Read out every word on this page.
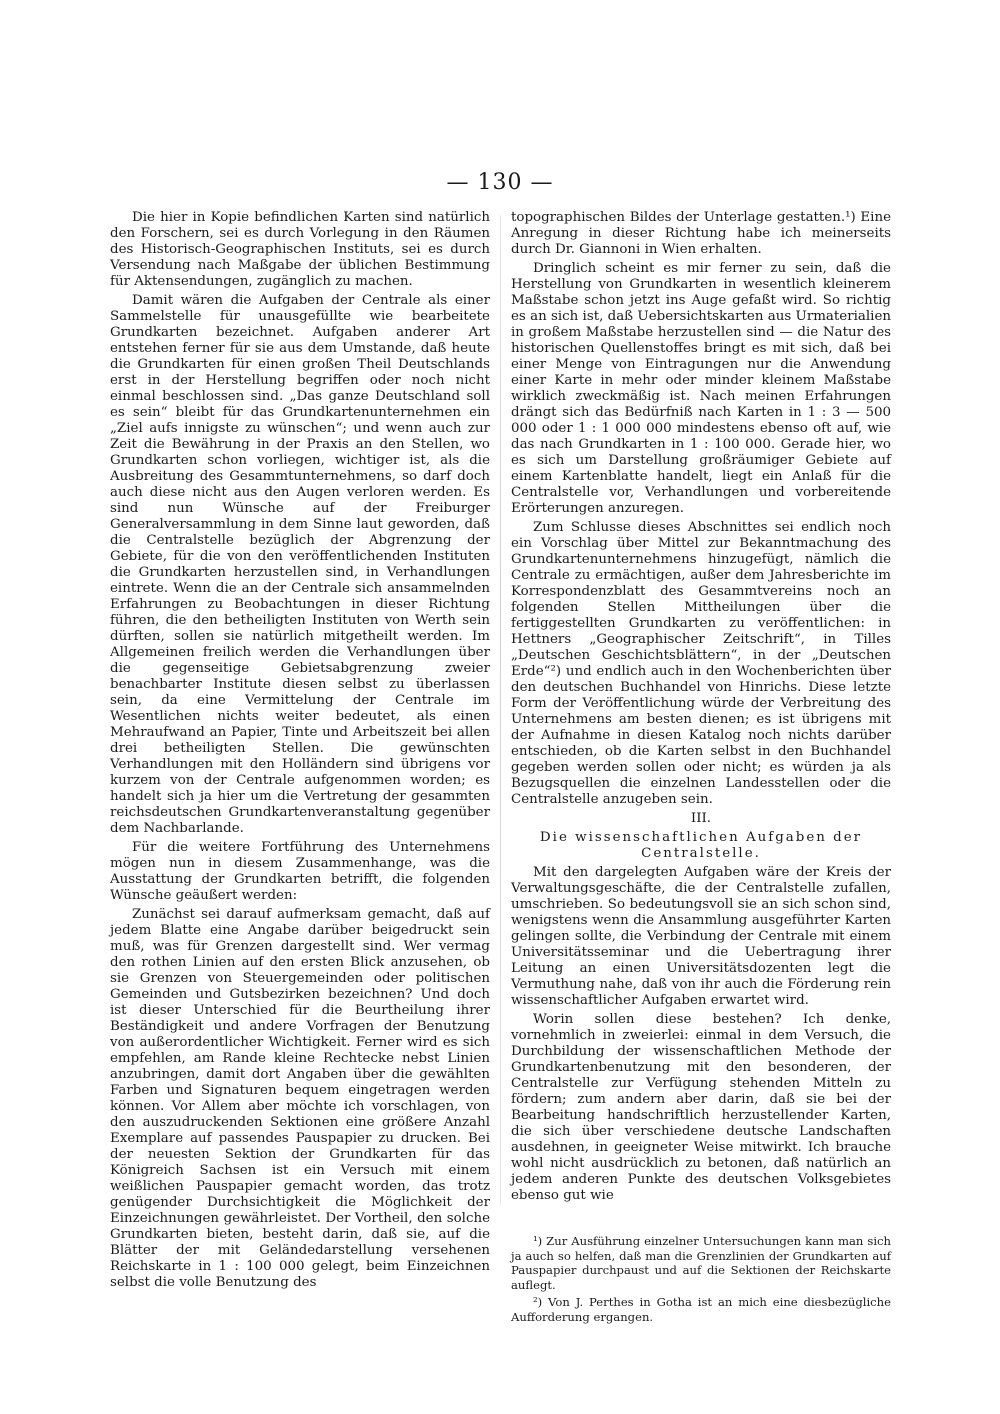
— 130 —

Die hier in Kopie befindlichen Karten sind natürlich den Forschern, sei es durch Vorlegung in den Räumen des Historisch-Geographischen Instituts, sei es durch Versendung nach Maßgabe der üblichen Bestimmung für Aktensendungen, zugänglich zu machen.

Damit wären die Aufgaben der Centrale als einer Sammelstelle für unausgefüllte wie bearbeitete Grundkarten bezeichnet. Aufgaben anderer Art entstehen ferner für sie aus dem Umstande, daß heute die Grundkarten für einen großen Theil Deutschlands erst in der Herstellung begriffen oder noch nicht einmal beschlossen sind. „Das ganze Deutschland soll es sein“ bleibt für das Grundkartenunternehmen ein „Ziel aufs innigste zu wünschen“; und wenn auch zur Zeit die Bewährung in der Praxis an den Stellen, wo Grundkarten schon vorliegen, wichtiger ist, als die Ausbreitung des Gesammtunternehmens, so darf doch auch diese nicht aus den Augen verloren werden. Es sind nun Wünsche auf der Freiburger Generalversammlung in dem Sinne laut geworden, daß die Centralstelle bezüglich der Abgrenzung der Gebiete, für die von den veröffentlichenden Instituten die Grundkarten herzustellen sind, in Verhandlungen eintrete. Wenn die an der Centrale sich ansammelnden Erfahrungen zu Beobachtungen in dieser Richtung führen, die den betheiligten Instituten von Werth sein dürften, sollen sie natürlich mitgetheilt werden. Im Allgemeinen freilich werden die Verhandlungen über die gegenseitige Gebietsabgrenzung zweier benachbarter Institute diesen selbst zu überlassen sein, da eine Vermittelung der Centrale im Wesentlichen nichts weiter bedeutet, als einen Mehraufwand an Papier, Tinte und Arbeitszeit bei allen drei betheiligten Stellen. Die gewünschten Verhandlungen mit den Holländern sind übrigens vor kurzem von der Centrale aufgenommen worden; es handelt sich ja hier um die Vertretung der gesammten reichsdeutschen Grundkartenveranstaltung gegenüber dem Nachbarlande.

Für die weitere Fortführung des Unternehmens mögen nun in diesem Zusammenhange, was die Ausstattung der Grundkarten betrifft, die folgenden Wünsche geäußert werden:

Zunächst sei darauf aufmerksam gemacht, daß auf jedem Blatte eine Angabe darüber beigedruckt sein muß, was für Grenzen dargestellt sind. Wer vermag den rothen Linien auf den ersten Blick anzusehen, ob sie Grenzen von Steuergemeinden oder politischen Gemeinden und Gutsbezirken bezeichnen? Und doch ist dieser Unterschied für die Beurtheilung ihrer Beständigkeit und andere Vorfragen der Benutzung von außerordentlicher Wichtigkeit. Ferner wird es sich empfehlen, am Rande kleine Rechtecke nebst Linien anzubringen, damit dort Angaben über die gewählten Farben und Signaturen bequem eingetragen werden können. Vor Allem aber möchte ich vorschlagen, von den auszudruckenden Sektionen eine größere Anzahl Exemplare auf passendes Pauspapier zu drucken. Bei der neuesten Sektion der Grundkarten für das Königreich Sachsen ist ein Versuch mit einem weißlichen Pauspapier gemacht worden, das trotz genügender Durchsichtigkeit die Möglichkeit der Einzeichnungen gewährleistet. Der Vortheil, den solche Grundkarten bieten, besteht darin, daß sie, auf die Blätter der mit Geländedarstellung versehenen Reichskarte in 1 : 100 000 gelegt, beim Einzeichnen selbst die volle Benutzung des

topographischen Bildes der Unterlage gestatten.¹) Eine Anregung in dieser Richtung habe ich meinerseits durch Dr. Giannoni in Wien erhalten.

Dringlich scheint es mir ferner zu sein, daß die Herstellung von Grundkarten in wesentlich kleinerem Maßstabe schon jetzt ins Auge gefaßt wird. So richtig es an sich ist, daß Uebersichtskarten aus Urmaterialien in großem Maßstabe herzustellen sind — die Natur des historischen Quellenstoffes bringt es mit sich, daß bei einer Menge von Eintragungen nur die Anwendung einer Karte in mehr oder minder kleinem Maßstabe wirklich zweckmäßig ist. Nach meinen Erfahrungen drängt sich das Bedürfniß nach Karten in 1 : 3 — 500 000 oder 1 : 1 000 000 mindestens ebenso oft auf, wie das nach Grundkarten in 1 : 100 000. Gerade hier, wo es sich um Darstellung großräumiger Gebiete auf einem Kartenblatte handelt, liegt ein Anlaß für die Centralstelle vor, Verhandlungen und vorbereitende Erörterungen anzuregen.

Zum Schlusse dieses Abschnittes sei endlich noch ein Vorschlag über Mittel zur Bekanntmachung des Grundkartenunternehmens hinzugefügt, nämlich die Centrale zu ermächtigen, außer dem Jahresberichte im Korrespondenzblatt des Gesammtvereins noch an folgenden Stellen Mittheilungen über die fertiggestellten Grundkarten zu veröffentlichen: in Hettners „Geographischer Zeitschrift“, in Tilles „Deutschen Geschichtsblättern“, in der „Deutschen Erde“²) und endlich auch in den Wochenberichten über den deutschen Buchhandel von Hinrichs. Diese letzte Form der Veröffentlichung würde der Verbreitung des Unternehmens am besten dienen; es ist übrigens mit der Aufnahme in diesen Katalog noch nichts darüber entschieden, ob die Karten selbst in den Buchhandel gegeben werden sollen oder nicht; es würden ja als Bezugsquellen die einzelnen Landesstellen oder die Centralstelle anzugeben sein.

III.

Die wissenschaftlichen Aufgaben der Centralstelle.

Mit den dargelegten Aufgaben wäre der Kreis der Verwaltungsgeschäfte, die der Centralstelle zufallen, umschrieben. So bedeutungsvoll sie an sich schon sind, wenigstens wenn die Ansammlung ausgeführter Karten gelingen sollte, die Verbindung der Centrale mit einem Universitätsseminar und die Uebertragung ihrer Leitung an einen Universitätsdozenten legt die Vermuthung nahe, daß von ihr auch die Förderung rein wissenschaftlicher Aufgaben erwartet wird.

Worin sollen diese bestehen? Ich denke, vornehmlich in zweierlei: einmal in dem Versuch, die Durchbildung der wissenschaftlichen Methode der Grundkartenbenutzung mit den besonderen, der Centralstelle zur Verfügung stehenden Mitteln zu fördern; zum andern aber darin, daß sie bei der Bearbeitung handschriftlich herzustellender Karten, die sich über verschiedene deutsche Landschaften ausdehnen, in geeigneter Weise mitwirkt. Ich brauche wohl nicht ausdrücklich zu betonen, daß natürlich an jedem anderen Punkte des deutschen Volksgebietes ebenso gut wie

¹) Zur Ausführung einzelner Untersuchungen kann man sich ja auch so helfen, daß man die Grenzlinien der Grundkarten auf Pauspapier durchpaust und auf die Sektionen der Reichskarte auflegt.

²) Von J. Perthes in Gotha ist an mich eine diesbezügliche Aufforderung ergangen.
